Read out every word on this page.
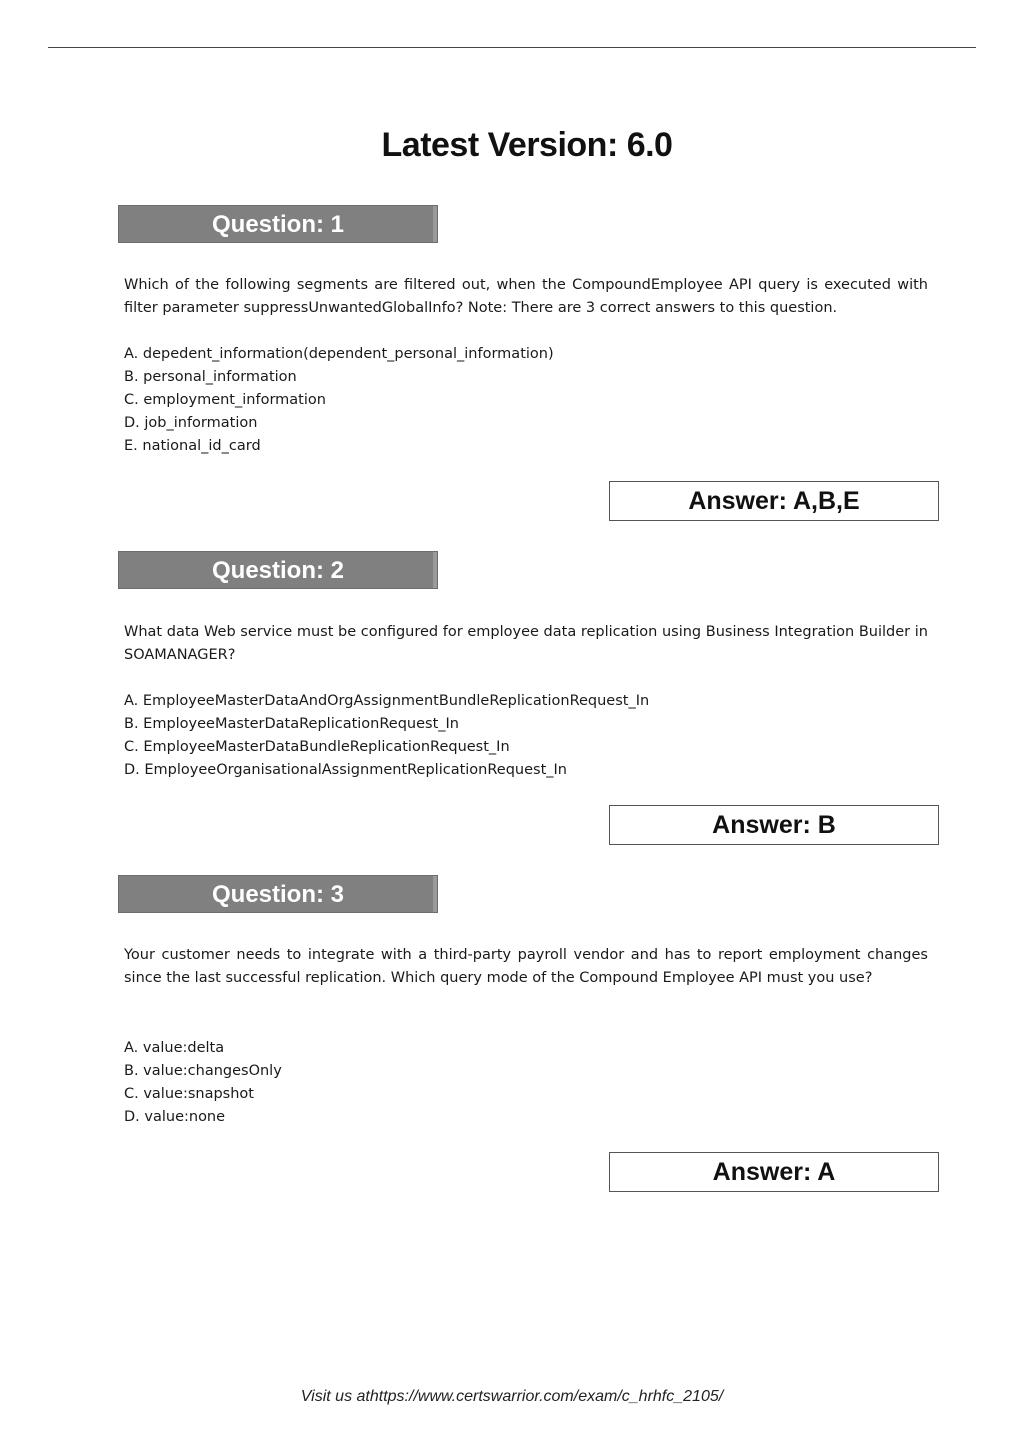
Latest Version: 6.0
Question: 1
Which of the following segments are filtered out, when the CompoundEmployee API query is executed with filter parameter suppressUnwantedGlobalInfo? Note: There are 3 correct answers to this question.
A. depedent_information(dependent_personal_information)
B. personal_information
C. employment_information
D. job_information
E. national_id_card
Answer: A,B,E
Question: 2
What data Web service must be configured for employee data replication using Business Integration Builder in SOAMANAGER?
A. EmployeeMasterDataAndOrgAssignmentBundleReplicationRequest_In
B. EmployeeMasterDataReplicationRequest_In
C. EmployeeMasterDataBundleReplicationRequest_In
D. EmployeeOrganisationalAssignmentReplicationRequest_In
Answer: B
Question: 3
Your customer needs to integrate with a third-party payroll vendor and has to report employment changes since the last successful replication. Which query mode of the Compound Employee API must you use?
A. value:delta
B. value:changesOnly
C. value:snapshot
D. value:none
Answer: A
Visit us athttps://www.certswarrior.com/exam/c_hrhfc_2105/
